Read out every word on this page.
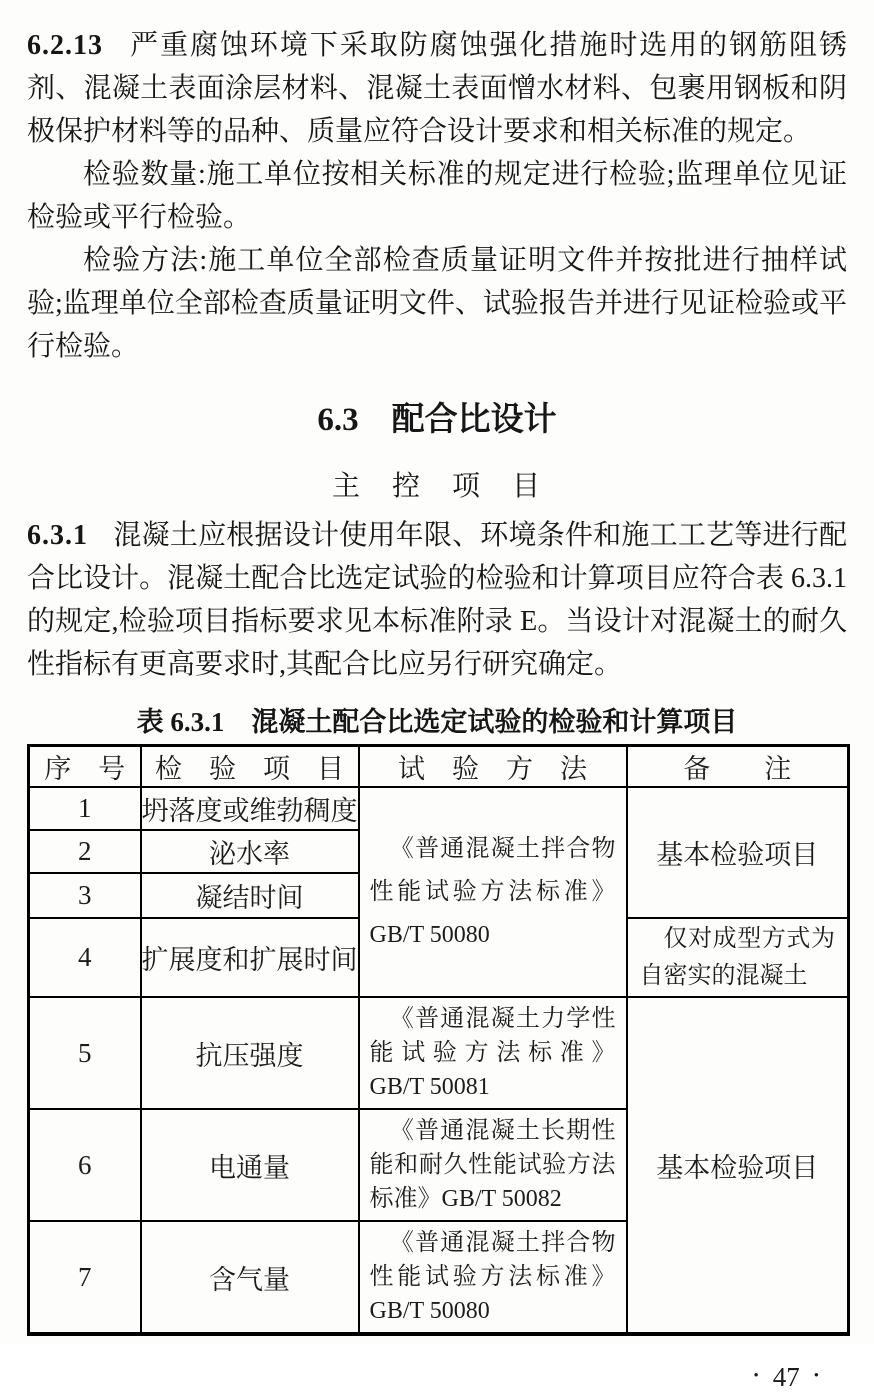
6.2.13 严重腐蚀环境下采取防腐蚀强化措施时选用的钢筋阻锈剂、混凝土表面涂层材料、混凝土表面憎水材料、包裹用钢板和阴极保护材料等的品种、质量应符合设计要求和相关标准的规定。

检验数量:施工单位按相关标准的规定进行检验;监理单位见证检验或平行检验。

检验方法:施工单位全部检查质量证明文件并按批进行抽样试验;监理单位全部检查质量证明文件、试验报告并进行见证检验或平行检验。

6.3　配合比设计
主　控　项　目

6.3.1 混凝土应根据设计使用年限、环境条件和施工工艺等进行配合比设计。混凝土配合比选定试验的检验和计算项目应符合表 6.3.1 的规定,检验项目指标要求见本标准附录 E。当设计对混凝土的耐久性指标有更高要求时,其配合比应另行研究确定。

表 6.3.1　混凝土配合比选定试验的检验和计算项目
序　号	检　验　项　目	试　验　方　法	备　　注
1	坍落度或维勃稠度	《普通混凝土拌合物性能试验方法标准》GB/T 50080	基本检验项目
2	泌水率		
3	凝结时间		
4	扩展度和扩展时间		仅对成型方式为自密实的混凝土

5	抗压强度	《普通混凝土力学性能试验方法标准》GB/T 50081	基本检验项目
6	电通量	《普通混凝土长期性能和耐久性能试验方法标准》GB/T 50082	

7	含气量	《普通混凝土拌合物性能试验方法标准》GB/T 50080	
• 47 •
